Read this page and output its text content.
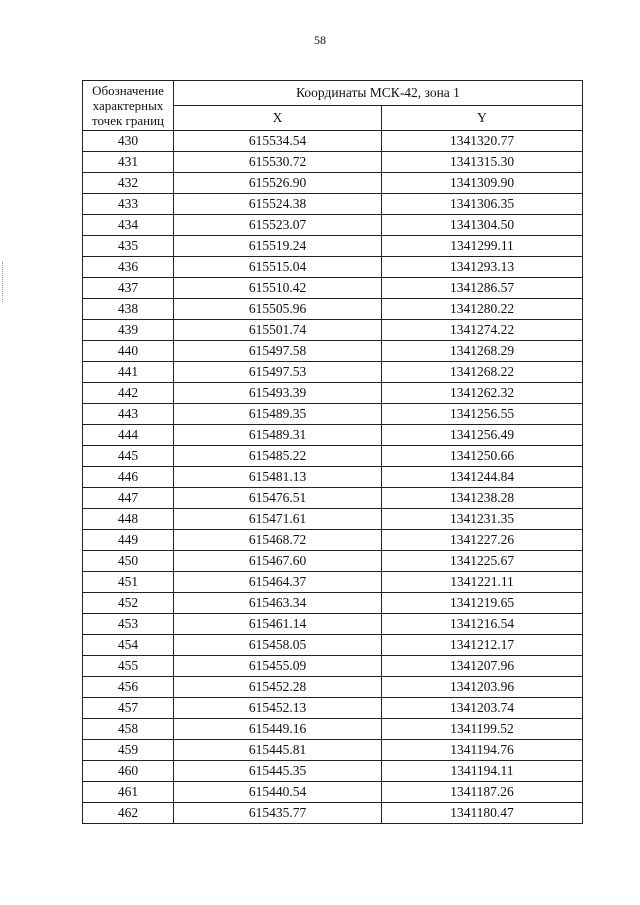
58
Обозначение характерных точек границ	Координаты МСК-42, зона 1	
	X	Y
430	615534.54	1341320.77
431	615530.72	1341315.30
432	615526.90	1341309.90
433	615524.38	1341306.35
434	615523.07	1341304.50
435	615519.24	1341299.11
436	615515.04	1341293.13
437	615510.42	1341286.57
438	615505.96	1341280.22
439	615501.74	1341274.22
440	615497.58	1341268.29
441	615497.53	1341268.22
442	615493.39	1341262.32
443	615489.35	1341256.55
444	615489.31	1341256.49
445	615485.22	1341250.66
446	615481.13	1341244.84
447	615476.51	1341238.28
448	615471.61	1341231.35
449	615468.72	1341227.26
450	615467.60	1341225.67
451	615464.37	1341221.11
452	615463.34	1341219.65
453	615461.14	1341216.54
454	615458.05	1341212.17
455	615455.09	1341207.96
456	615452.28	1341203.96
457	615452.13	1341203.74
458	615449.16	1341199.52
459	615445.81	1341194.76
460	615445.35	1341194.11
461	615440.54	1341187.26
462	615435.77	1341180.47
